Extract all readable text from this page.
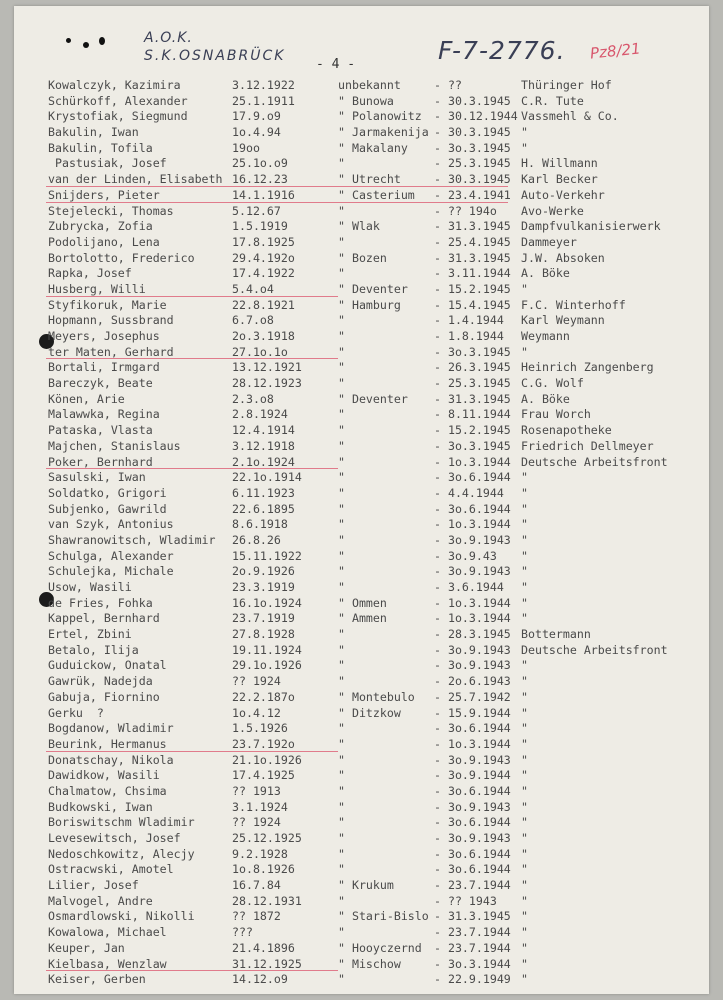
A.O.K.
S.K.OSNABRÜCK
- 4 -	F-7-2776. Pz8/21
Kowalczyk, Kazimira	3.12.1922	unbekannt	- ??	Thüringer Hof
Schürkoff, Alexander	25.1.1911	" Bunowa	- 30.3.1945 C.R. Tute
Krystofiak, Siegmund	17.9.o9	" Polanowitz	- 30.12.1944 Vassmehl & Co.
Bakulin, Iwan	1o.4.94	" Jarmakenija - 30.3.1945 "
Bakulin, Tofila	19oo	" Makalany	- 3o.3.1945 "
Pastusiak, Josef	25.1o.o9	"	- 25.3.1945 H. Willmann
van der Linden, Elisabeth 16.12.23	" Utrecht	- 30.3.1945 Karl Becker
Snijders, Pieter	14.1.1916	" Casterium	- 23.4.1941 Auto-Verkehr
Stejelecki, Thomas	5.12.67	"	- ?? 194o	Avo-Werke
Zubrycka, Zofia	1.5.1919	" Wlak	- 31.3.1945 Dampfvulkanisierwerk
Podolijano, Lena	17.8.1925	"	- 25.4.1945 Dammeyer
Bortolotto, Frederico	29.4.192o	" Bozen	- 31.3.1945 J.W. Absoken
Rapka, Josef	17.4.1922	"	- 3.11.1944 A. Böke
Husberg, Willi	5.4.o4	" Deventer	- 15.2.1945 "
Styfikoruk, Marie	22.8.1921	" Hamburg	- 15.4.1945 F.C. Winterhoff
Hopmann, Sussbrand	6.7.o8	"	- 1.4.1944	Karl Weymann
Meyers, Josephus	2o.3.1918	"	- 1.8.1944	Weymann
ter Maten, Gerhard	27.1o.1o	"	- 3o.3.1945 "
Bortali, Irmgard	13.12.1921	"	- 26.3.1945 Heinrich Zangenberg
Bareczyk, Beate	28.12.1923	"	- 25.3.1945 C.G. Wolf
Könen, Arie	2.3.o8	" Deventer	- 31.3.1945 A. Böke
Malawwka, Regina	2.8.1924	"	- 8.11.1944 Frau Worch
Pataska, Vlasta	12.4.1914	"	- 15.2.1945 Rosenapotheke
Majchen, Stanislaus	3.12.1918	"	- 3o.3.1945 Friedrich Dellmeyer
Poker, Bernhard	2.1o.1924	"	- 1o.3.1944 Deutsche Arbeitsfront
Sasulski, Iwan	22.1o.1914	"	- 3o.6.1944 "
Soldatko, Grigori	6.11.1923	"	- 4.4.1944	"
Subjenko, Gawrild	22.6.1895	"	- 3o.6.1944 "
van Szyk, Antonius	8.6.1918	"	- 1o.3.1944 "
Shawranowitsch, Wladimir	26.8.26	"	- 3o.9.1943 "
Schulga, Alexander	15.11.1922	"	- 3o.9.43	"
Schulejka, Michale	2o.9.1926	"	- 3o.9.1943 "
Usow, Wasili	23.3.1919	"	- 3.6.1944	"
de Fries, Fohka	16.1o.1924	" Ommen	- 1o.3.1944 "
Kappel, Bernhard	23.7.1919	" Ammen	- 1o.3.1944 "
Ertel, Zbini	27.8.1928	"	- 28.3.1945 Bottermann
Betalo, Ilija	19.11.1924	"	- 3o.9.1943 Deutsche Arbeitsfront
Guduickow, Onatal	29.1o.1926	"	- 3o.9.1943 "
Gawrük, Nadejda	?? 1924	"	- 2o.6.1943 "
Gabuja, Fiornino	22.2.187o	" Montebulo	- 25.7.1942 "
Gerku  ?	1o.4.12	" Ditzkow	- 15.9.1944 "
Bogdanow, Wladimir	1.5.1926	"	- 3o.6.1944 "
Beurink, Hermanus	23.7.192o	"	- 1o.3.1944 "
Donatschay, Nikola	21.1o.1926	"	- 3o.9.1943 "
Dawidkow, Wasili	17.4.1925	"	- 3o.9.1944 "
Chalmatow, Chsima	?? 1913	"	- 3o.6.1944 "
Budkowski, Iwan	3.1.1924	"	- 3o.9.1943 "
Boriswitschm Wladimir	?? 1924	"	- 3o.6.1944 "
Levesewitsch, Josef	25.12.1925	"	- 3o.9.1943 "
Nedoschkowitz, Alecjy	9.2.1928	"	- 3o.6.1944 "
Ostracwski, Amotel	1o.8.1926	"	- 3o.6.1944 "
Lilier, Josef	16.7.84	" Krukum	- 23.7.1944 "
Malvogel, Andre	28.12.1931	"	- ?? 1943	"
Osmardlowski, Nikolli	?? 1872	" Stari-Bislo - 31.3.1945 "
Kowalowa, Michael	???	"	- 23.7.1944 "
Keuper, Jan	21.4.1896	" Hooyczernd	- 23.7.1944 "
Kielbasa, Wenzlaw	31.12.1925	" Mischow	- 3o.3.1944 "
Keiser, Gerben	14.12.o9	"	- 22.9.1949 "
